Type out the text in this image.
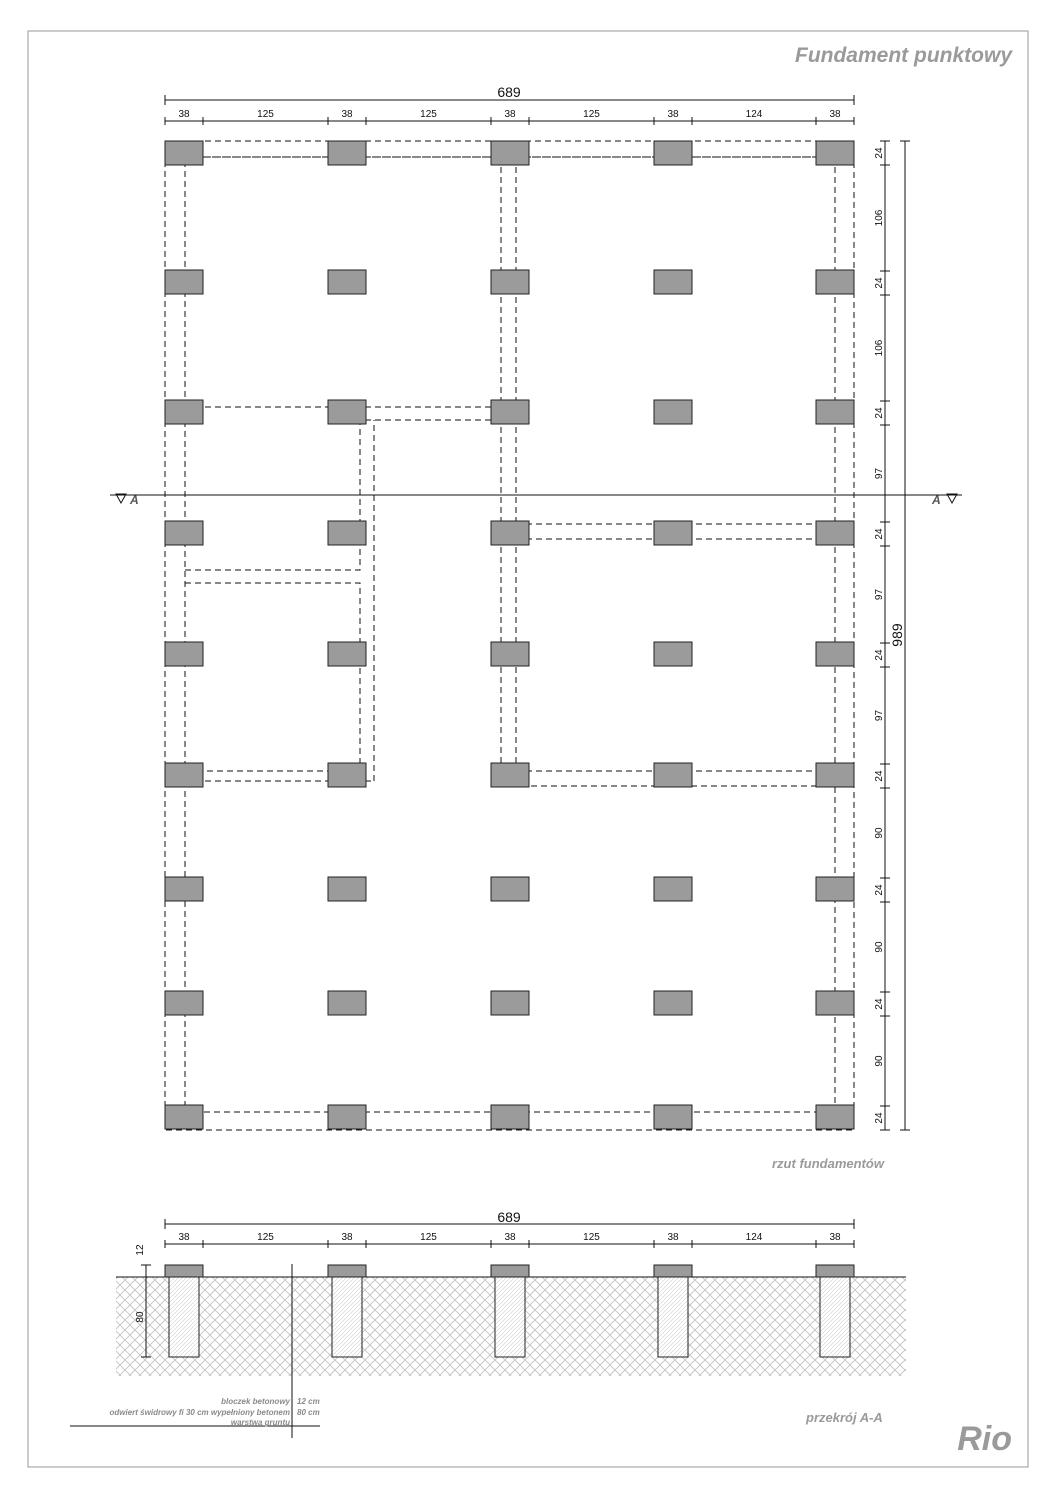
A	A
689
38	125	38	125	38	125	38	124	38
989
24
106
24
106
24
97
24
97
24
97
24
90
24
90
24
90
24
689
38	125	38	125	38	125	38	124	38
12
80
Fundament punktowy
rzut fundamentów
przekrój A-A
Rio
bloczek betonowy 12 cm
odwiert świdrowy fi 30 cm wypełniony betonem 80 cm
warstwa gruntu
